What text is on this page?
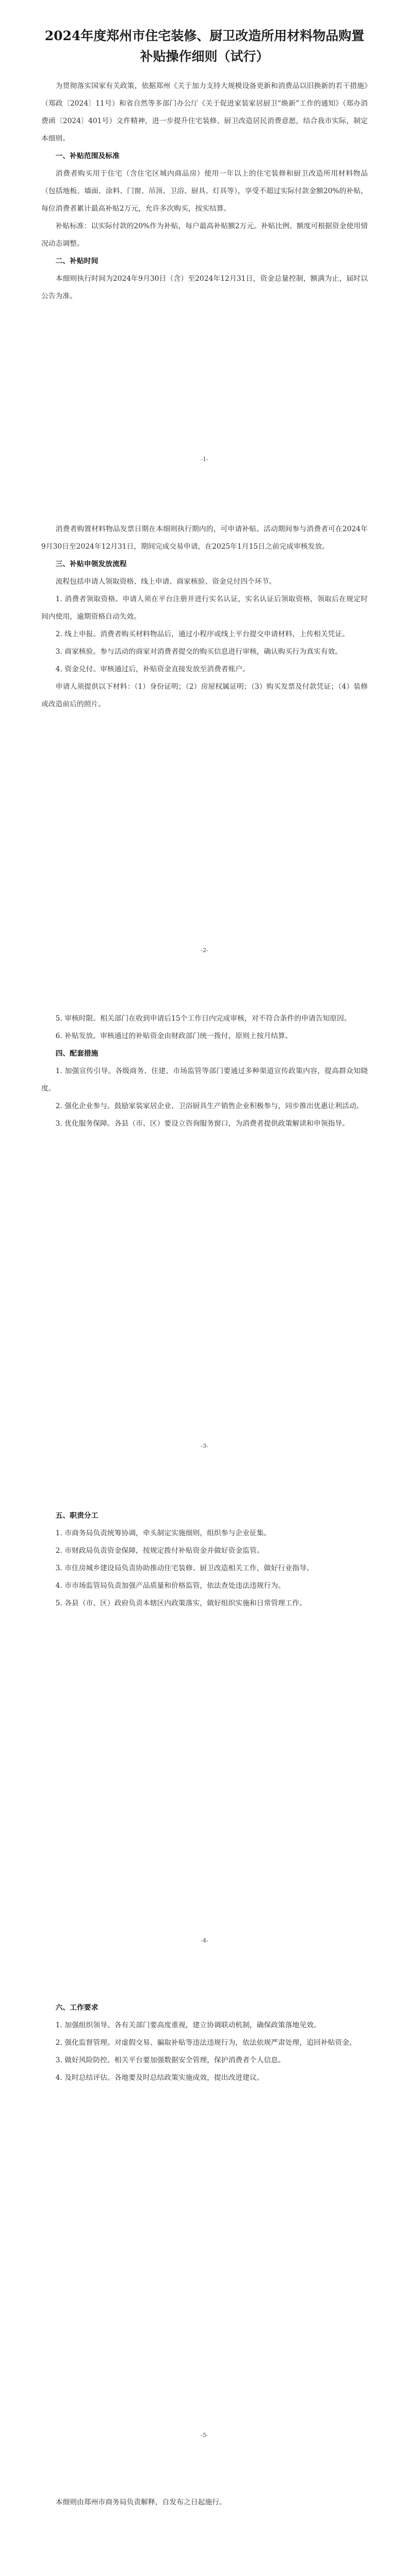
2024年度郑州市住宅装修、厨卫改造所用材料物品购置补贴操作细则（试行）

为贯彻落实国家有关政策，依据郑州《关于加力支持大规模设备更新和消费品以旧换新的若干措施》（郑政〔2024〕11号）和省自然等多部门办公厅《关于促进家装家居厨卫“焕新”工作的通知》（郑办消费函〔2024〕401号）文件精神，进一步提升住宅装修、厨卫改造居民消费意愿，结合我市实际，制定本细则。

一、补贴范围及标准

消费者购买用于住宅（含住宅区城内商品房）使用一年以上的住宅装修和厨卫改造所用材料物品（包括地板、墙面、涂料、门窗、吊顶、卫浴、厨具、灯具等），享受不超过实际付款金额20%的补贴，每位消费者累计最高补贴2万元，允许多次购买，按实结算。

补贴标准：以实际付款的20%作为补贴，每户最高补贴额2万元。补贴比例、额度可根据资金使用情况动态调整。

二、补贴时间

本细则执行时间为2024年9月30日（含）至2024年12月31日，资金总量控制，额满为止，届时以公告为准。

-1-

消费者购置材料物品发票日期在本细则执行期内的，可申请补贴。活动期间参与消费者可在2024年9月30日至2024年12月31日，期间完成交易申请，在2025年1月15日之前完成审核发放。

三、补贴申领发放流程

流程包括申请人领取资格、线上申请、商家核验、资金兑付四个环节。

1. 消费者领取资格。申请人须在平台注册并进行实名认证，实名认证后领取资格，领取后在规定时间内使用，逾期资格自动失效。

2. 线上申报。消费者购买材料物品后，通过小程序或线上平台提交申请材料，上传相关凭证。

3. 商家核验。参与活动的商家对消费者提交的购买信息进行审核，确认购买行为真实有效。

4. 资金兑付。审核通过后，补贴资金直接发放至消费者账户。

申请人须提供以下材料：（1）身份证明；（2）房屋权属证明；（3）购买发票及付款凭证；（4）装修或改造前后的照片。

-2-

5. 审核时限。相关部门在收到申请后15个工作日内完成审核，对不符合条件的申请告知原因。

6. 补贴发放。审核通过的补贴资金由财政部门统一拨付，原则上按月结算。

四、配套措施

1. 加强宣传引导。各级商务、住建、市场监管等部门要通过多种渠道宣传政策内容，提高群众知晓度。

2. 强化企业参与。鼓励家装家居企业、卫浴厨具生产销售企业积极参与，同步推出优惠让利活动。

3. 优化服务保障。各县（市、区）要设立咨询服务窗口，为消费者提供政策解读和申领指导。

-3-

五、职责分工

1. 市商务局负责统筹协调，牵头制定实施细则，组织参与企业征集。

2. 市财政局负责资金保障，按规定拨付补贴资金并做好资金监管。

3. 市住房城乡建设局负责协助推动住宅装修、厨卫改造相关工作，做好行业指导。

4. 市市场监管局负责加强产品质量和价格监管，依法查处违法违规行为。

5. 各县（市、区）政府负责本辖区内政策落实，做好组织实施和日常管理工作。

-4-

六、工作要求

1. 加强组织领导。各有关部门要高度重视，建立协调联动机制，确保政策落地见效。

2. 强化监督管理。对虚假交易、骗取补贴等违法违规行为，依法依规严肃处理，追回补贴资金。

3. 做好风险防控。相关平台要加强数据安全管理，保护消费者个人信息。

4. 及时总结评估。各地要及时总结政策实施成效，提出改进建议。

-5-

本细则由郑州市商务局负责解释，自发布之日起施行。
